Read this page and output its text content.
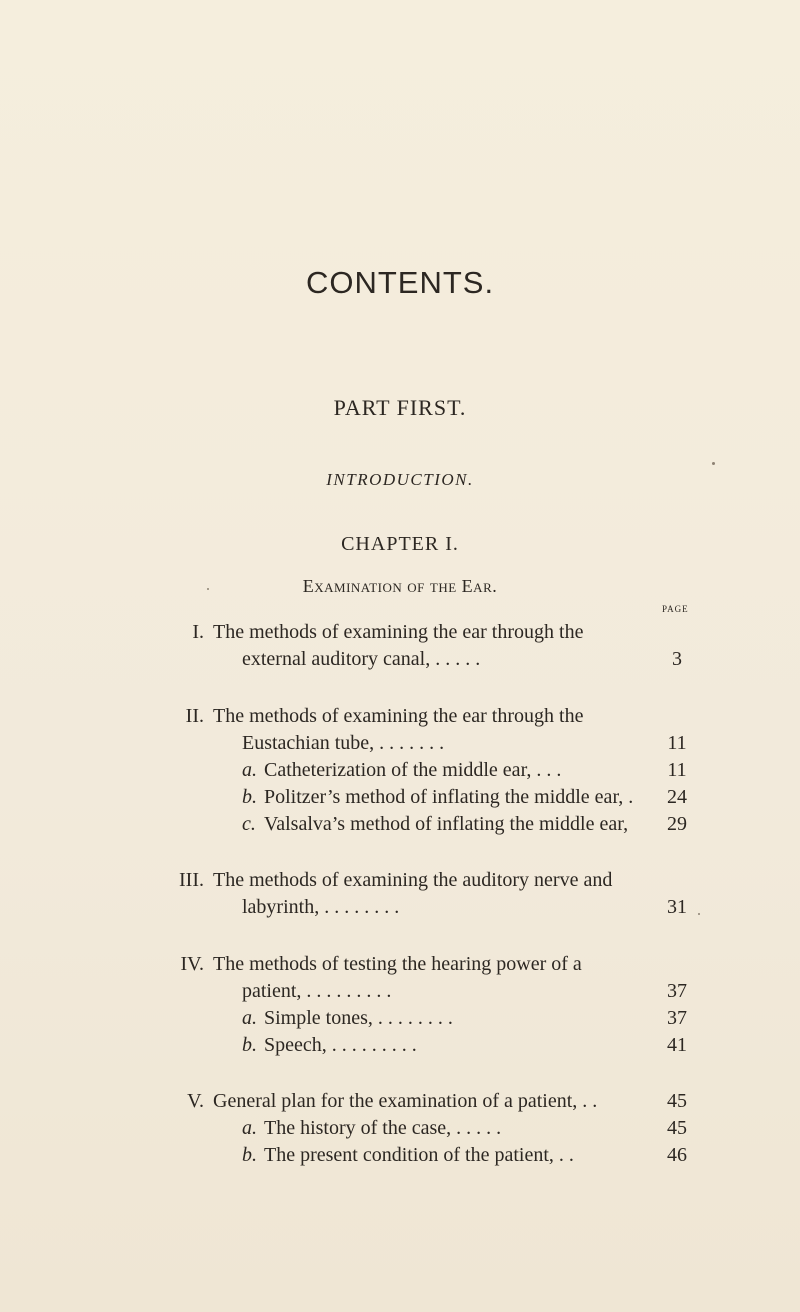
CONTENTS.
PART FIRST.
INTRODUCTION.
CHAPTER I.
Examination of the Ear.
PAGE
I. The methods of examining the ear through the
external auditory canal, . . . . .	3
II. The methods of examining the ear through the
Eustachian tube, . . . . . . .	11
a. Catheterization of the middle ear, . . .	11
b. Politzer’s method of inflating the middle ear, .	24
c. Valsalva’s method of inflating the middle ear,	29
III. The methods of examining the auditory nerve and
labyrinth, . . . . . . . .	31
IV. The methods of testing the hearing power of a
patient, . . . . . . . . .	37
a. Simple tones, . . . . . . . .	37
b. Speech, . . . . . . . . .	41
V. General plan for the examination of a patient, . .	45
a. The history of the case, . . . . .	45
b. The present condition of the patient, . .	46
